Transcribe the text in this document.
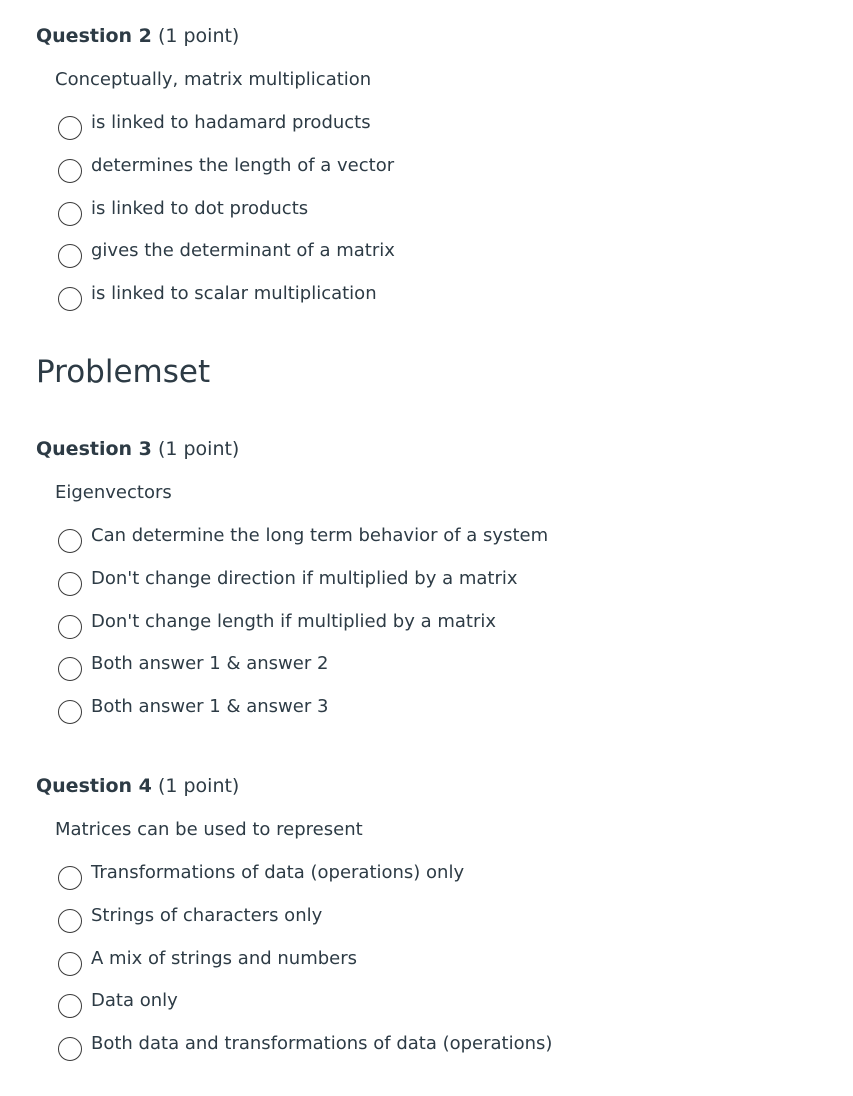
Question 2 (1 point)
Conceptually, matrix multiplication
is linked to hadamard products
determines the length of a vector
is linked to dot products
gives the determinant of a matrix
is linked to scalar multiplication
Problemset
Question 3 (1 point)
Eigenvectors
Can determine the long term behavior of a system
Don't change direction if multiplied by a matrix
Don't change length if multiplied by a matrix
Both answer 1 & answer 2
Both answer 1 & answer 3
Question 4 (1 point)
Matrices can be used to represent
Transformations of data (operations) only
Strings of characters only
A mix of strings and numbers
Data only
Both data and transformations of data (operations)
